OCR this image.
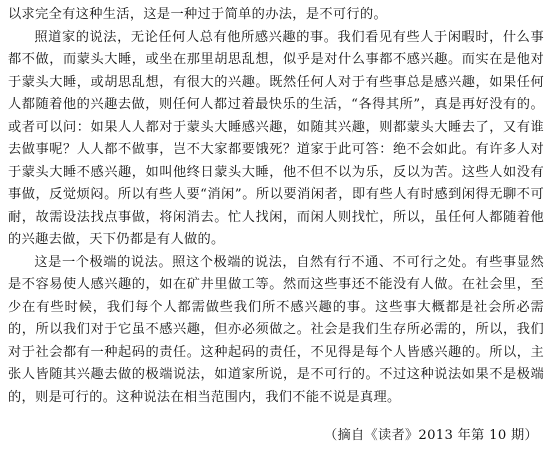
以求完全有这种生活，这是一种过于简单的办法，是不可行的。

照道家的说法，无论任何人总有他所感兴趣的事。我们看见有些人于闲暇时，什么事都不做，而蒙头大睡，或坐在那里胡思乱想，似乎是对什么事都不感兴趣。而实在是他对于蒙头大睡，或胡思乱想，有很大的兴趣。既然任何人对于有些事总是感兴趣，如果任何人都随着他的兴趣去做，则任何人都过着最快乐的生活，“各得其所”，真是再好没有的。或者可以问：如果人人都对于蒙头大睡感兴趣，如随其兴趣，则都蒙头大睡去了，又有谁去做事呢？人人都不做事，岂不大家都要饿死？道家于此可答：绝不会如此。有许多人对于蒙头大睡不感兴趣，如叫他终日蒙头大睡，他不但不以为乐，反以为苦。这些人如没有事做，反觉烦闷。所以有些人要“消闲”。所以要消闲者，即有些人有时感到闲得无聊不可耐，故需设法找点事做，将闲消去。忙人找闲，而闲人则找忙，所以，虽任何人都随着他的兴趣去做，天下仍都是有人做的。

这是一个极端的说法。照这个极端的说法，自然有行不通、不可行之处。有些事显然是不容易使人感兴趣的，如在矿井里做工等。然而这些事还不能没有人做。在社会里，至少在有些时候，我们每个人都需做些我们所不感兴趣的事。这些事大概都是社会所必需的，所以我们对于它虽不感兴趣，但亦必须做之。社会是我们生存所必需的，所以，我们对于社会都有一种起码的责任。这种起码的责任，不见得是每个人皆感兴趣的。所以，主张人皆随其兴趣去做的极端说法，如道家所说，是不可行的。不过这种说法如果不是极端的，则是可行的。这种说法在相当范围内，我们不能不说是真理。

（摘自《读者》2013 年第 10 期）
